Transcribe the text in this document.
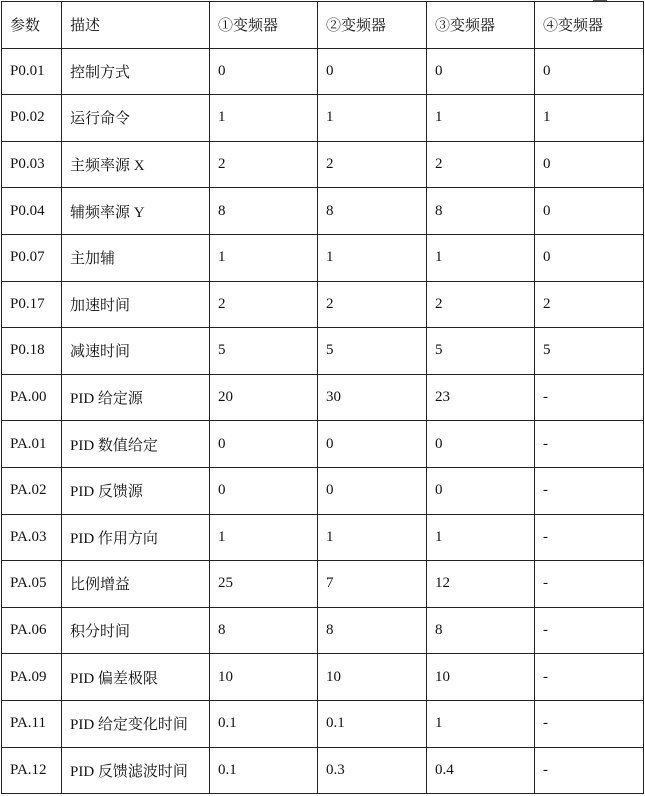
参数	描述	①变频器	②变频器	③变频器	④变频器
P0.01	控制方式	0	0	0	0
P0.02	运行命令	1	1	1	1
P0.03	主频率源 X	2	2	2	0
P0.04	辅频率源 Y	8	8	8	0
P0.07	主加辅	1	1	1	0
P0.17	加速时间	2	2	2	2
P0.18	减速时间	5	5	5	5
PA.00	PID 给定源	20	30	23	-
PA.01	PID 数值给定	0	0	0	-
PA.02	PID 反馈源	0	0	0	-
PA.03	PID 作用方向	1	1	1	-
PA.05	比例增益	25	7	12	-
PA.06	积分时间	8	8	8	-
PA.09	PID 偏差极限	10	10	10	-
PA.11	PID 给定变化时间	0.1	0.1	1	-
PA.12	PID 反馈滤波时间	0.1	0.3	0.4	-
